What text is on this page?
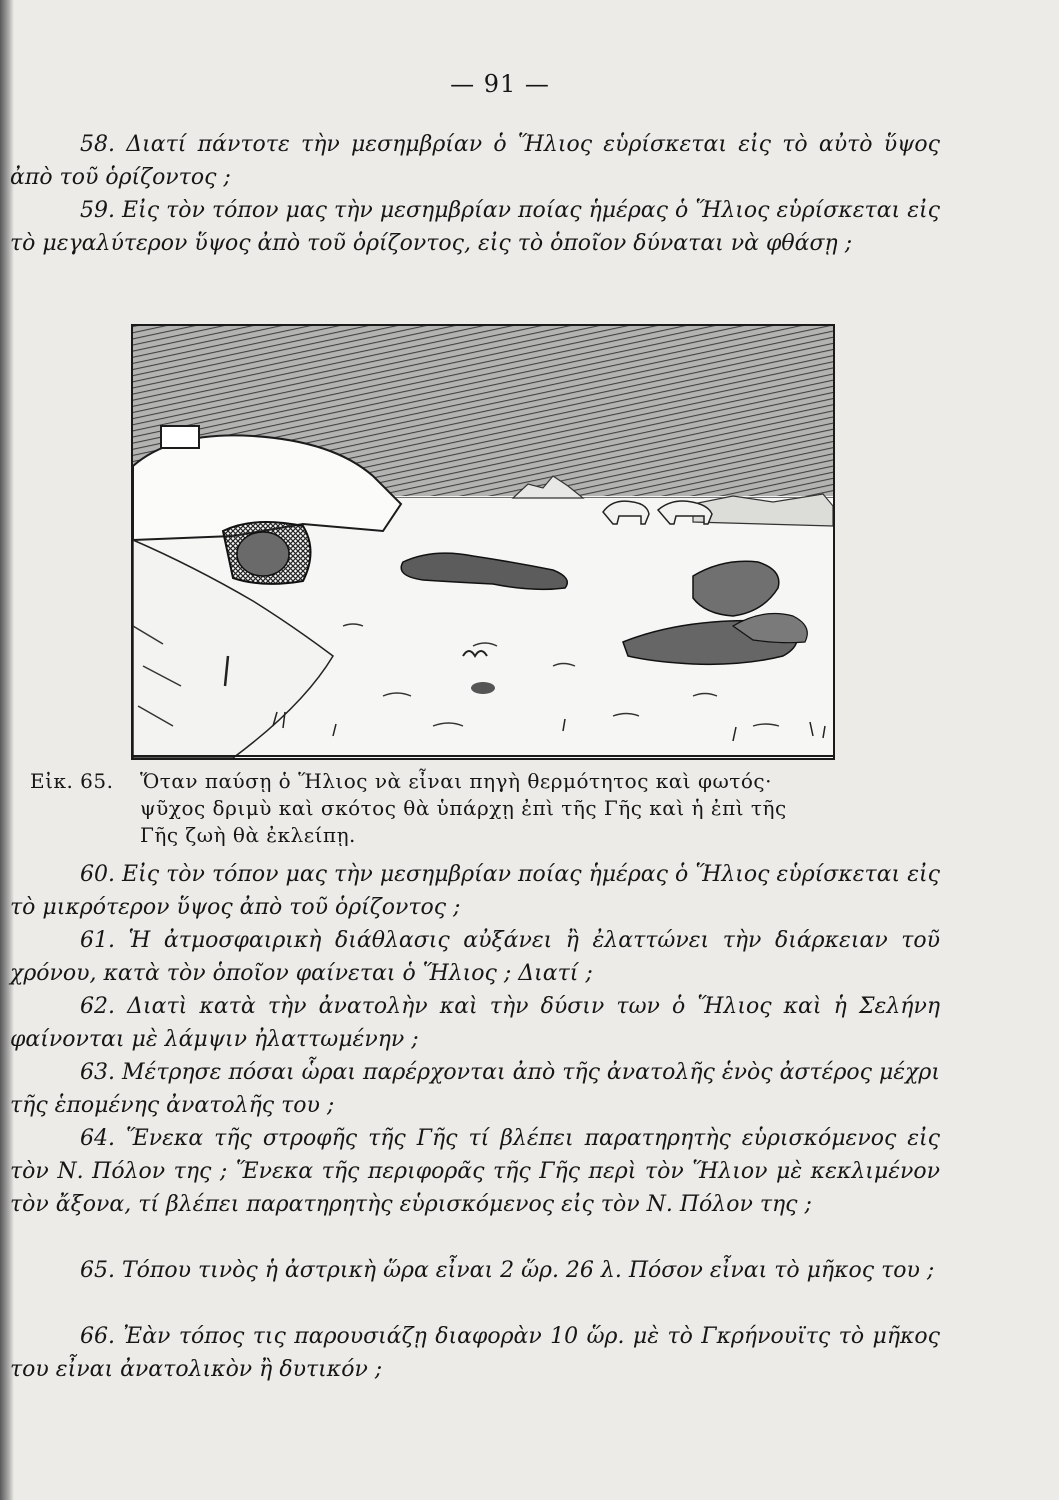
— 91 —

58. Διατί πάντοτε τὴν μεσημβρίαν ὁ Ἥλιος εὑρίσκεται εἰς τὸ αὐτὸ ὕψος ἀπὸ τοῦ ὁρίζοντος ;

59. Εἰς τὸν τόπον μας τὴν μεσημβρίαν ποίας ἡμέρας ὁ Ἥλιος εὑρίσκεται εἰς τὸ μεγαλύτερον ὕψος ἀπὸ τοῦ ὁρίζοντος, εἰς τὸ ὁποῖον δύναται νὰ φθάσῃ ;

Εἰκ. 65. Ὅταν παύσῃ ὁ Ἥλιος νὰ εἶναι πηγὴ θερμότητος καὶ φωτός·
ψῦχος δριμὺ καὶ σκότος θὰ ὑπάρχῃ ἐπὶ τῆς Γῆς καὶ ἡ ἐπὶ τῆς
Γῆς ζωὴ θὰ ἐκλείπῃ.

60. Εἰς τὸν τόπον μας τὴν μεσημβρίαν ποίας ἡμέρας ὁ Ἥλιος εὑρίσκεται εἰς τὸ μικρότερον ὕψος ἀπὸ τοῦ ὁρίζοντος ;

61. Ἡ ἀτμοσφαιρικὴ διάθλασις αὐξάνει ἢ ἐλαττώνει τὴν διάρκειαν τοῦ χρόνου, κατὰ τὸν ὁποῖον φαίνεται ὁ Ἥλιος ; Διατί ;

62. Διατὶ κατὰ τὴν ἀνατολὴν καὶ τὴν δύσιν των ὁ Ἥλιος καὶ ἡ Σελήνη φαίνονται μὲ λάμψιν ἠλαττωμένην ;

63. Μέτρησε πόσαι ὧραι παρέρχονται ἀπὸ τῆς ἀνατολῆς ἑνὸς ἀστέρος μέχρι τῆς ἑπομένης ἀνατολῆς του ;

64. Ἕνεκα τῆς στροφῆς τῆς Γῆς τί βλέπει παρατηρητὴς εὑρισκόμενος εἰς τὸν Ν. Πόλον της ; Ἕνεκα τῆς περιφορᾶς τῆς Γῆς περὶ τὸν Ἥλιον μὲ κεκλιμένον τὸν ἄξονα, τί βλέπει παρατηρητὴς εὑρισκόμενος εἰς τὸν Ν. Πόλον της ;

65. Τόπου τινὸς ἡ ἀστρικὴ ὥρα εἶναι 2 ὥρ. 26 λ. Πόσον εἶναι τὸ μῆκος του ;

66. Ἐὰν τόπος τις παρουσιάζῃ διαφορὰν 10 ὥρ. μὲ τὸ Γκρήνουϊτς τὸ μῆκος του εἶναι ἀνατολικὸν ἢ δυτικόν ;
